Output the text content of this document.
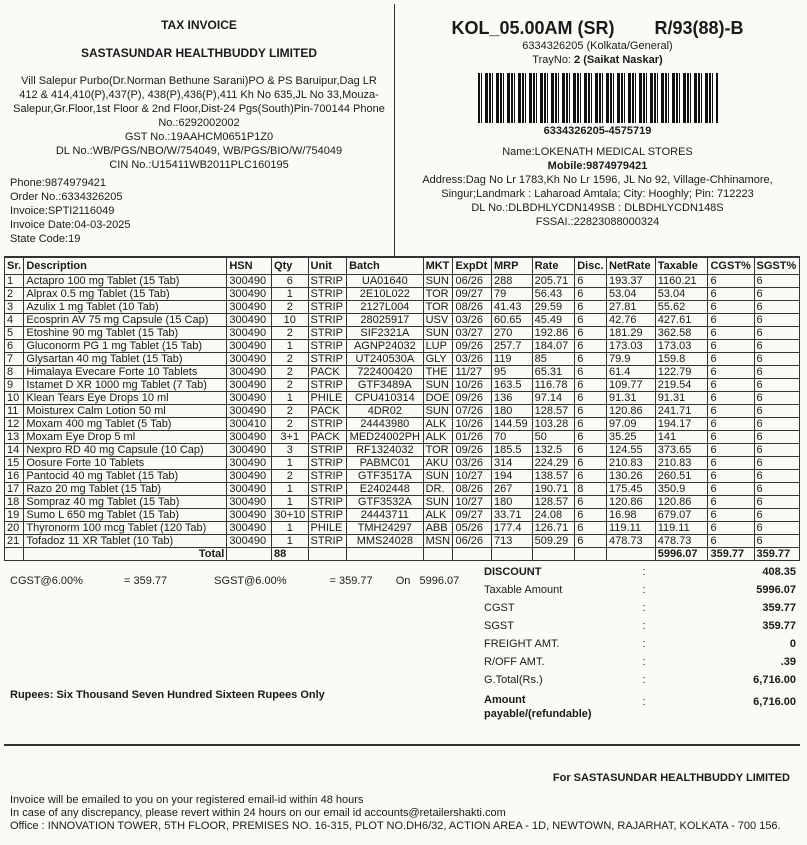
TAX INVOICE
SASTASUNDAR HEALTHBUDDY LIMITED
Vill Salepur Purbo(Dr.Norman Bethune Sarani)PO & PS Baruipur,Dag LR 412 & 414,410(P),437(P), 438(P),436(P),411 Kh No 635,JL No 33,Mouza-Salepur,Gr.Floor,1st Floor & 2nd Floor,Dist-24 Pgs(South)Pin-700144 Phone No.:6292002002
GST No.:19AAHCM0651P1Z0
DL No.:WB/PGS/NBO/W/754049, WB/PGS/BIO/W/754049
CIN No.:U15411WB2011PLC160195
Phone:9874979421
Order No.:6334326205
Invoice:SPTI2116049
Invoice Date:04-03-2025
State Code:19
KOL_05.00AM (SR) R/93(88)-B
6334326205 (Kolkata/General)
TrayNo: 2 (Saikat Naskar)
6334326205-4575719
Name:LOKENATH MEDICAL STORES
Mobile:9874979421
Address:Dag No Lr 1783,Kh No Lr 1596, JL No 92, Village-Chhinamore,
Singur;Landmark : Laharoad Amtala; City: Hooghly; Pin: 712223
DL No.:DLBDHLYCDN149SB : DLBDHLYCDN148S
FSSAI.:22823088000324
Sr.	Description	HSN	Qty	Unit	Batch	MKT	ExpDt	MRP	Rate	Disc.	NetRate	Taxable	CGST%	SGST%
1	Actapro 100 mg Tablet (15 Tab)	300490	6	STRIP	UA01640	SUN	06/26	288	205.71	6	193.37	1160.21	6	6
2	Alprax 0.5 mg Tablet (15 Tab)	300490	1	STRIP	2E10L022	TOR	09/27	79	56.43	6	53.04	53.04	6	6
3	Azulix 1 mg Tablet (10 Tab)	300490	2	STRIP	2127L004	TOR	08/26	41.43	29.59	6	27.81	55.62	6	6
4	Ecosprin AV 75 mg Capsule (15 Cap)	300490	10	STRIP	28025917	USV	03/26	60.65	45.49	6	42.76	427.61	6	6
5	Etoshine 90 mg Tablet (15 Tab)	300490	2	STRIP	SIF2321A	SUN	03/27	270	192.86	6	181.29	362.58	6	6
6	Gluconorm PG 1 mg Tablet (15 Tab)	300490	1	STRIP	AGNP24032	LUP	09/26	257.7	184.07	6	173.03	173.03	6	6
7	Glysartan 40 mg Tablet (15 Tab)	300490	2	STRIP	UT240530A	GLY	03/26	119	85	6	79.9	159.8	6	6
8	Himalaya Evecare Forte 10 Tablets	300490	2	PACK	722400420	THE	11/27	95	65.31	6	61.4	122.79	6	6
9	Istamet D XR 1000 mg Tablet (7 Tab)	300490	2	STRIP	GTF3489A	SUN	10/26	163.5	116.78	6	109.77	219.54	6	6
10	Klean Tears Eye Drops 10 ml	300490	1	PHILE	CPU410314	DOE	09/26	136	97.14	6	91.31	91.31	6	6
11	Moisturex Calm Lotion 50 ml	300490	2	PACK	4DR02	SUN	07/26	180	128.57	6	120.86	241.71	6	6
12	Moxam 400 mg Tablet (5 Tab)	300410	2	STRIP	24443980	ALK	10/26	144.59	103.28	6	97.09	194.17	6	6
13	Moxam Eye Drop 5 ml	300490	3+1	PACK	MED24002PH	ALK	01/26	70	50	6	35.25	141	6	6
14	Nexpro RD 40 mg Capsule (10 Cap)	300490	3	STRIP	RF1324032	TOR	09/26	185.5	132.5	6	124.55	373.65	6	6
15	Oosure Forte 10 Tablets	300490	1	STRIP	PABMC01	AKU	03/26	314	224.29	6	210.83	210.83	6	6
16	Pantocid 40 mg Tablet (15 Tab)	300490	2	STRIP	GTF3517A	SUN	10/27	194	138.57	6	130.26	260.51	6	6
17	Razo 20 mg Tablet (15 Tab)	300490	1	STRIP	E2402448	DR.	08/26	267	190.71	8	175.45	350.9	6	6
18	Sompraz 40 mg Tablet (15 Tab)	300490	1	STRIP	GTF3532A	SUN	10/27	180	128.57	6	120.86	120.86	6	6
19	Sumo L 650 mg Tablet (15 Tab)	300490	30+10	STRIP	24443711	ALK	09/27	33.71	24.08	6	16.98	679.07	6	6
20	Thyronorm 100 mcg Tablet (120 Tab)	300490	1	PHILE	TMH24297	ABB	05/26	177.4	126.71	6	119.11	119.11	6	6
21	Tofadoz 11 XR Tablet (10 Tab)	300490	1	STRIP	MMS24028	MSN	06/26	713	509.29	6	478.73	478.73	6	6
	Total		88									5996.07	359.77	359.77
CGST@6.00%	= 359.77	SGST@6.00%	= 359.77 On 5996.07
DISCOUNT	:	408.35
Taxable Amount	:	5996.07
CGST	:	359.77
SGST	:	359.77
FREIGHT AMT.	:	0
R/OFF AMT.	:	.39
G.Total(Rs.)	:	6,716.00
Amount payable/(refundable)
:	6,716.00
Rupees: Six Thousand Seven Hundred Sixteen Rupees Only
For SASTASUNDAR HEALTHBUDDY LIMITED
Invoice will be emailed to you on your registered email-id within 48 hours
In case of any discrepancy, please revert within 24 hours on our email id accounts@retailershakti.com
Office : INNOVATION TOWER, 5TH FLOOR, PREMISES NO. 16-315, PLOT NO.DH6/32, ACTION AREA - 1D, NEWTOWN, RAJARHAT, KOLKATA - 700 156.
